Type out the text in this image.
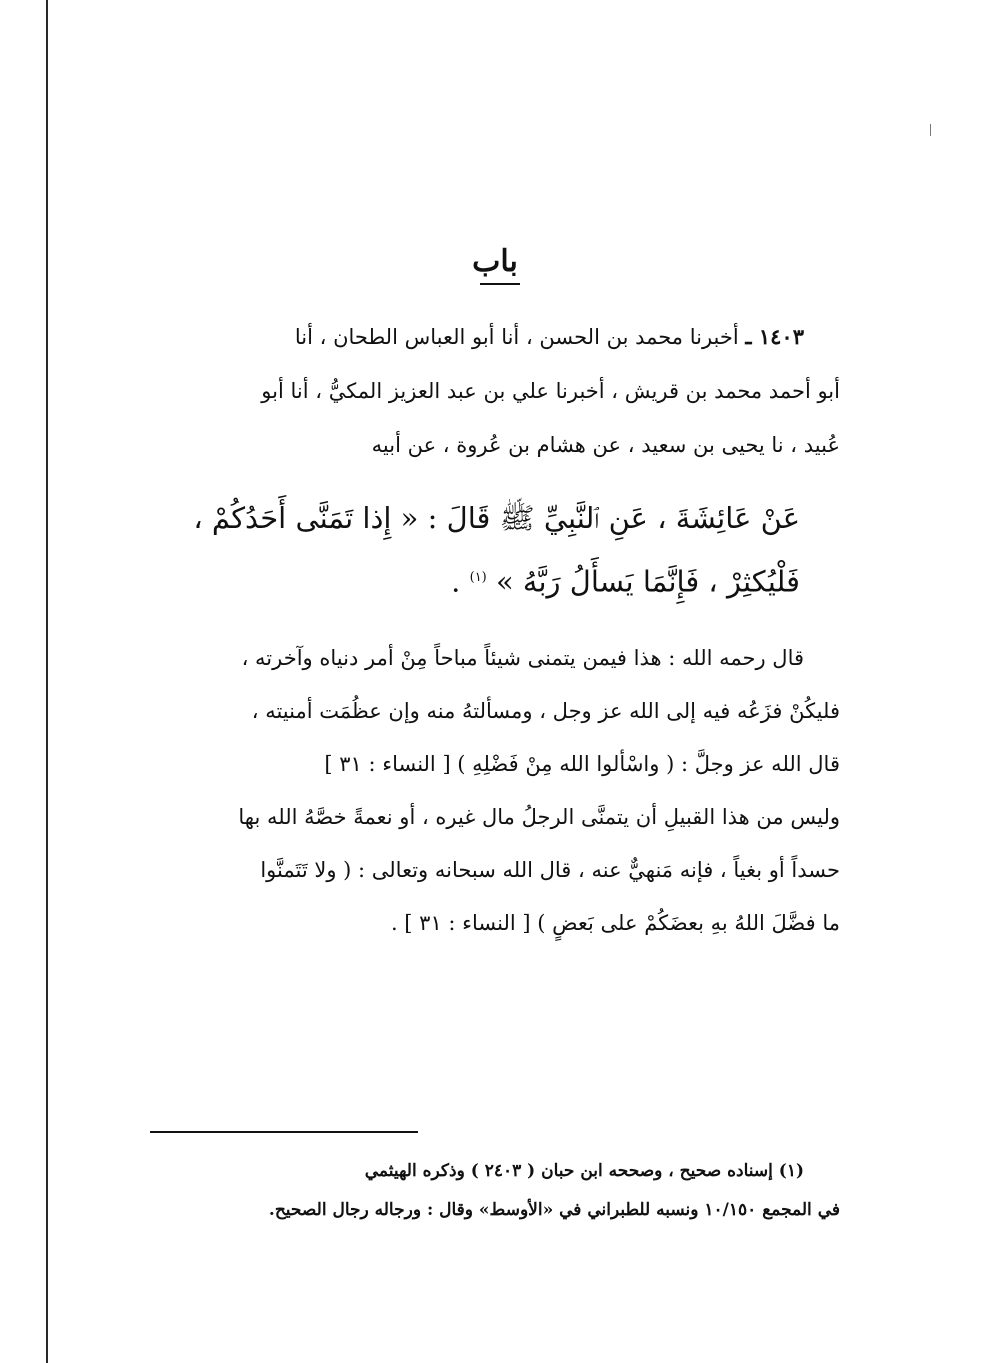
باب

١٤٠٣ ـ أخبرنا محمد بن الحسن ، أنا أبو العباس الطحان ، أنا
أبو أحمد محمد بن قريش ، أخبرنا علي بن عبد العزيز المكيُّ ، أنا أبو
عُبيد ، نا يحيى بن سعيد ، عن هشام بن عُروة ، عن أبيه

عَنْ عَائِشَةَ ، عَنِ ٱلنَّبِيِّ ﷺ قَالَ : « إِذا تَمَنَّى أَحَدُكُمْ ،
فَلْيُكثِرْ ، فَإِنَّمَا يَسأَلُ رَبَّهُ » $^{(١)}$ .

قال رحمه الله : هذا فيمن يتمنى شيئاً مباحاً مِنْ أمر دنياه وآخرته ،
فليكُنْ فزَعُه فيه إلى الله عز وجل ، ومسألتهُ منه وإن عظُمَت أمنيته ،
قال الله عز وجلَّ : ( واسْألوا الله مِنْ فَضْلِهِ ) [ النساء : ٣١ ]
وليس من هذا القبيلِ أن يتمنَّى الرجلُ مال غيره ، أو نعمةً خصَّهُ الله بها
حسداً أو بغياً ، فإنه مَنهيٌّ عنه ، قال الله سبحانه وتعالى : ( ولا تَتَمنَّوا
ما فضَّلَ اللهُ بهِ بعضَكُمْ على بَعضٍ ) [ النساء : ٣١ ] .

(١) إسناده صحيح ، وصححه ابن حبان ( ٢٤٠٣ ) وذكره الهيثمي
في المجمع ١٠/١٥٠ ونسبه للطبراني في «الأوسط» وقال : ورجاله رجال الصحيح.
